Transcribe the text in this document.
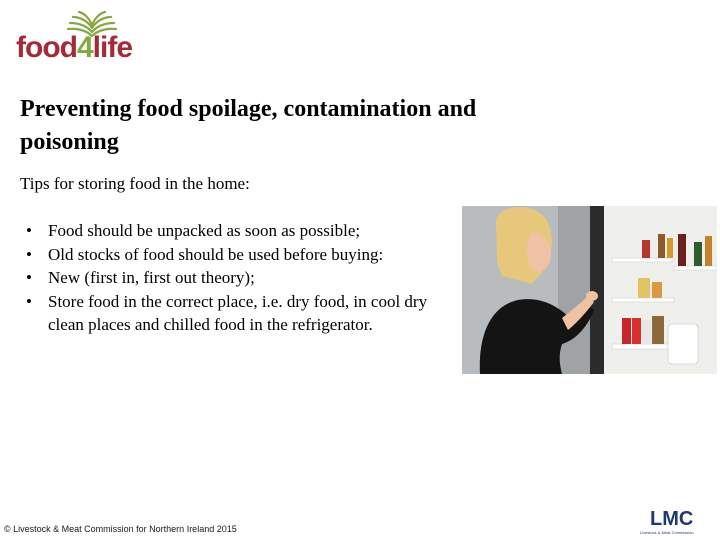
food4life
Preventing food spoilage, contamination and poisoning

Tips for storing food in the home:

• Food should be unpacked as soon as possible;
• Old stocks of food should be used before buying:
• New (first in, first out theory);
• Store food in the correct place, i.e. dry food, in cool dry clean places and chilled food in the refrigerator.

© Livestock & Meat Commission for Northern Ireland 2015	LMC
Livestock & Meat Commission
